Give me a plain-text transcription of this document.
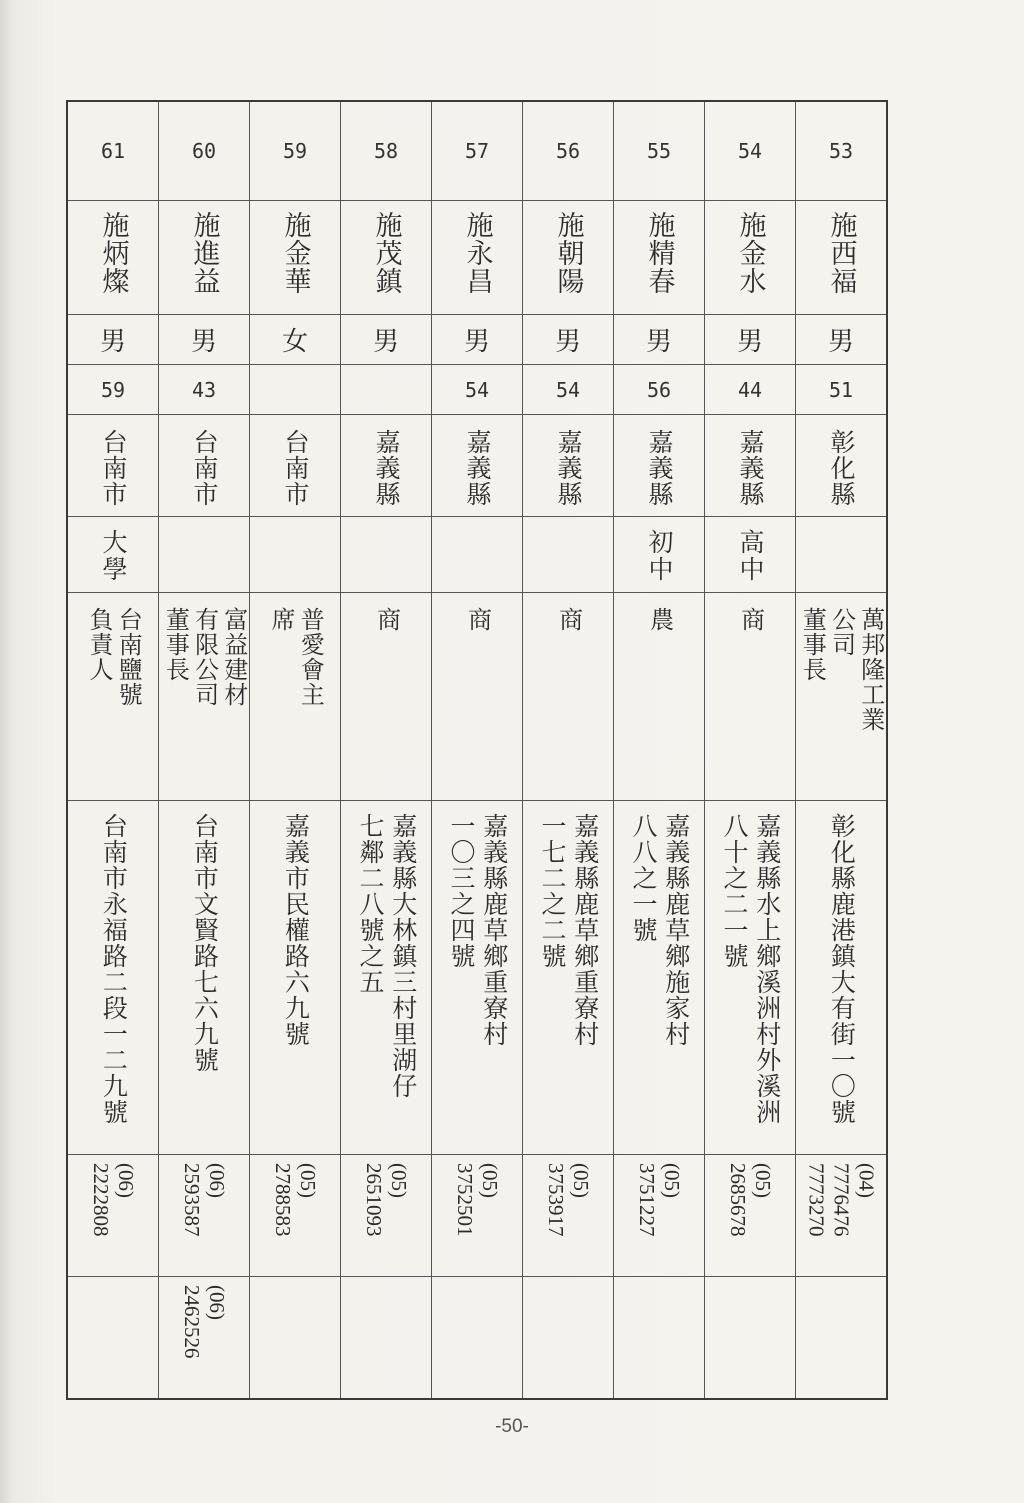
53
施西福
男
51
彰化縣
萬邦隆工業
公司
董事長
彰化縣鹿港鎮大有街一〇號
(04)
7776476
7773270
54
施金水
男
44
嘉義縣
高中
商
嘉義縣水上鄉溪洲村外溪洲
八十之二一號
(05)
2685678
55
施精春
男
56
嘉義縣
初中
農
嘉義縣鹿草鄉施家村
八八之一號
(05)
3751227
56
施朝陽
男
54
嘉義縣
商
嘉義縣鹿草鄉重寮村
一七二之二號
(05)
3753917
57
施永昌
男
54
嘉義縣
商
嘉義縣鹿草鄉重寮村
一〇三之四號
(05)
3752501
58
施茂鎮
男
嘉義縣
商
嘉義縣大林鎮三村里湖仔
七鄰二八號之五
(05)
2651093
59
施金華
女
台南市
普愛會主
席
嘉義市民權路六九號
(05)
2788583
60
施進益
男
43
台南市
富益建材
有限公司
董事長
台南市文賢路七六九號
(06)
2593587
(06)
2462526
61
施炳燦
男
59
台南市
大學
台南鹽號
負責人
台南市永福路二段一二九號
(06)
2222808
-50-
